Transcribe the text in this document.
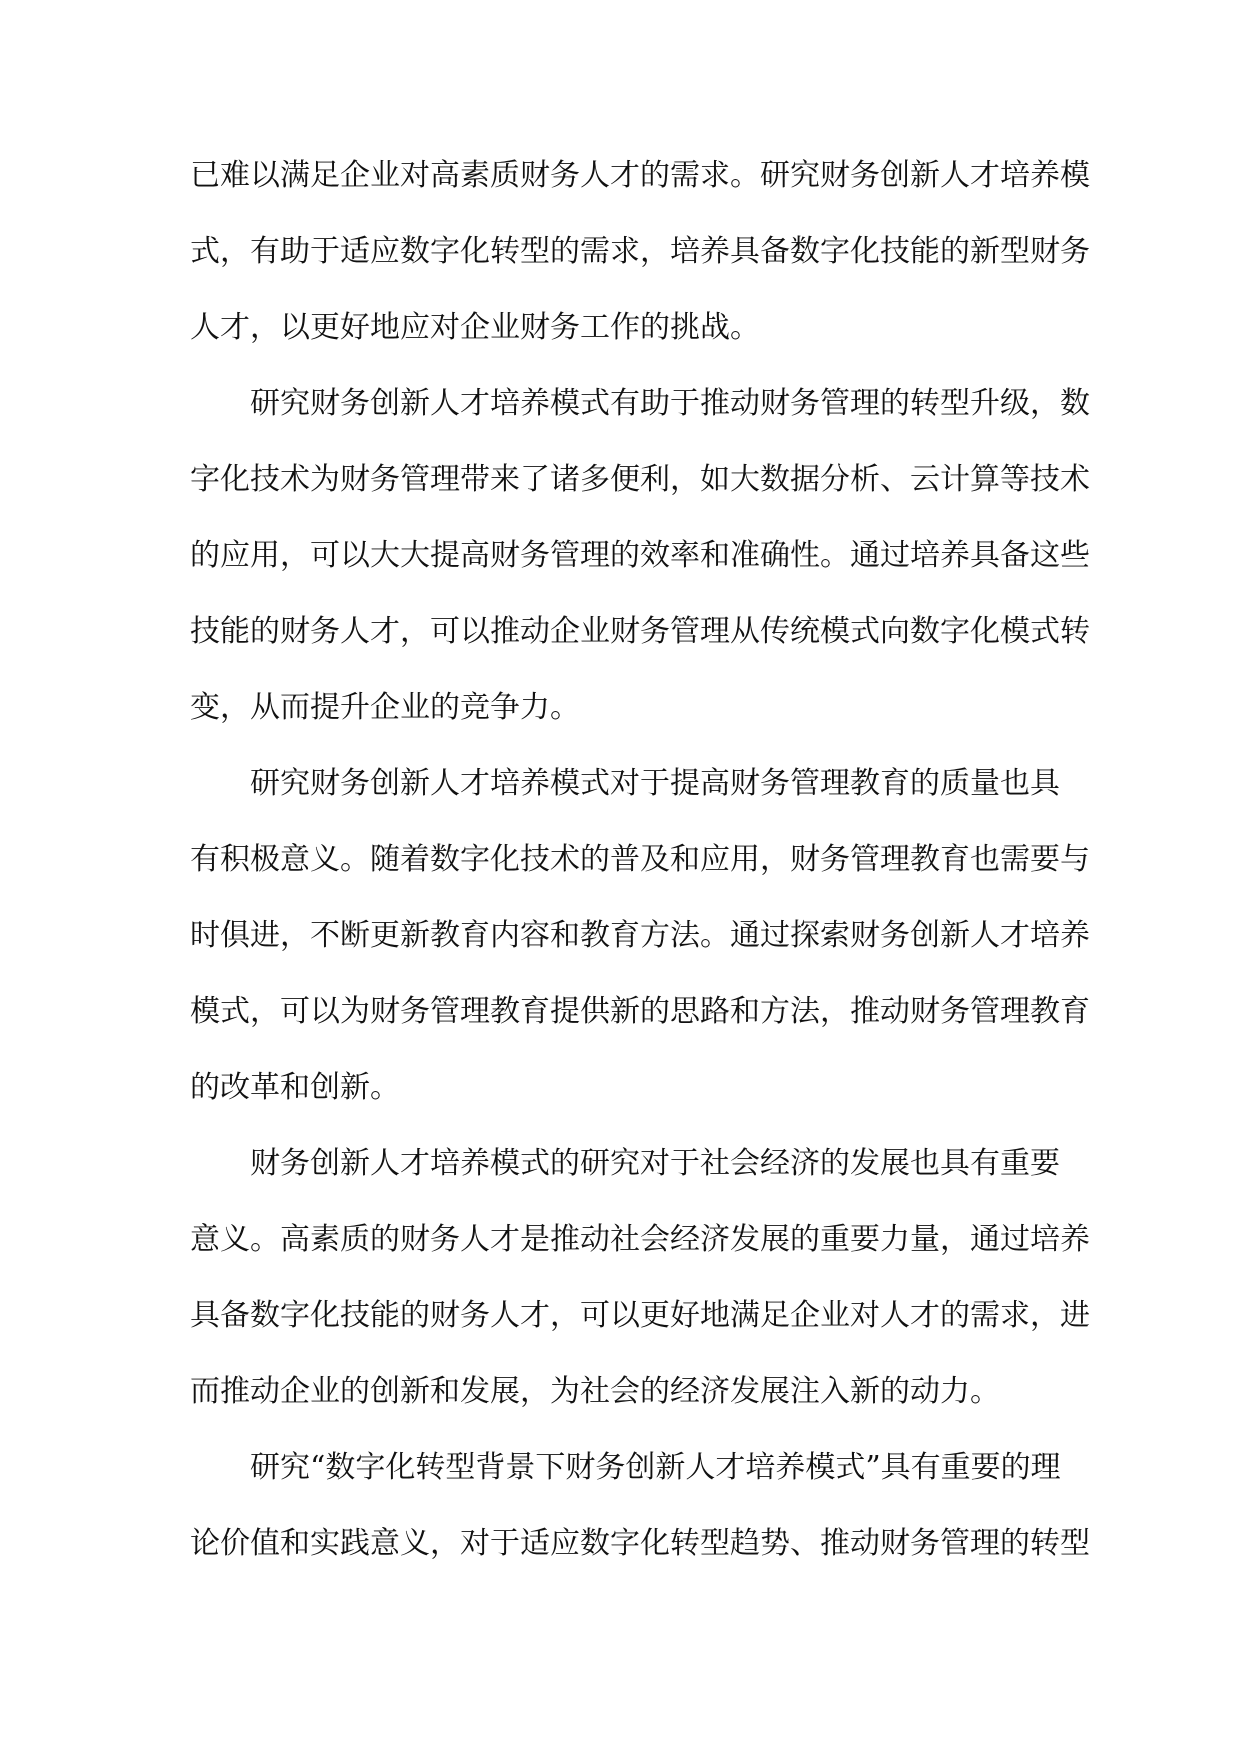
已难以满足企业对高素质财务人才的需求。研究财务创新人才培养模
式，有助于适应数字化转型的需求，培养具备数字化技能的新型财务
人才，以更好地应对企业财务工作的挑战。
研究财务创新人才培养模式有助于推动财务管理的转型升级，数
字化技术为财务管理带来了诸多便利，如大数据分析、云计算等技术
的应用，可以大大提高财务管理的效率和准确性。通过培养具备这些
技能的财务人才，可以推动企业财务管理从传统模式向数字化模式转
变，从而提升企业的竞争力。
研究财务创新人才培养模式对于提高财务管理教育的质量也具
有积极意义。随着数字化技术的普及和应用，财务管理教育也需要与
时俱进，不断更新教育内容和教育方法。通过探索财务创新人才培养
模式，可以为财务管理教育提供新的思路和方法，推动财务管理教育
的改革和创新。
财务创新人才培养模式的研究对于社会经济的发展也具有重要
意义。高素质的财务人才是推动社会经济发展的重要力量，通过培养
具备数字化技能的财务人才，可以更好地满足企业对人才的需求，进
而推动企业的创新和发展，为社会的经济发展注入新的动力。
研究“数字化转型背景下财务创新人才培养模式”具有重要的理
论价值和实践意义，对于适应数字化转型趋势、推动财务管理的转型
